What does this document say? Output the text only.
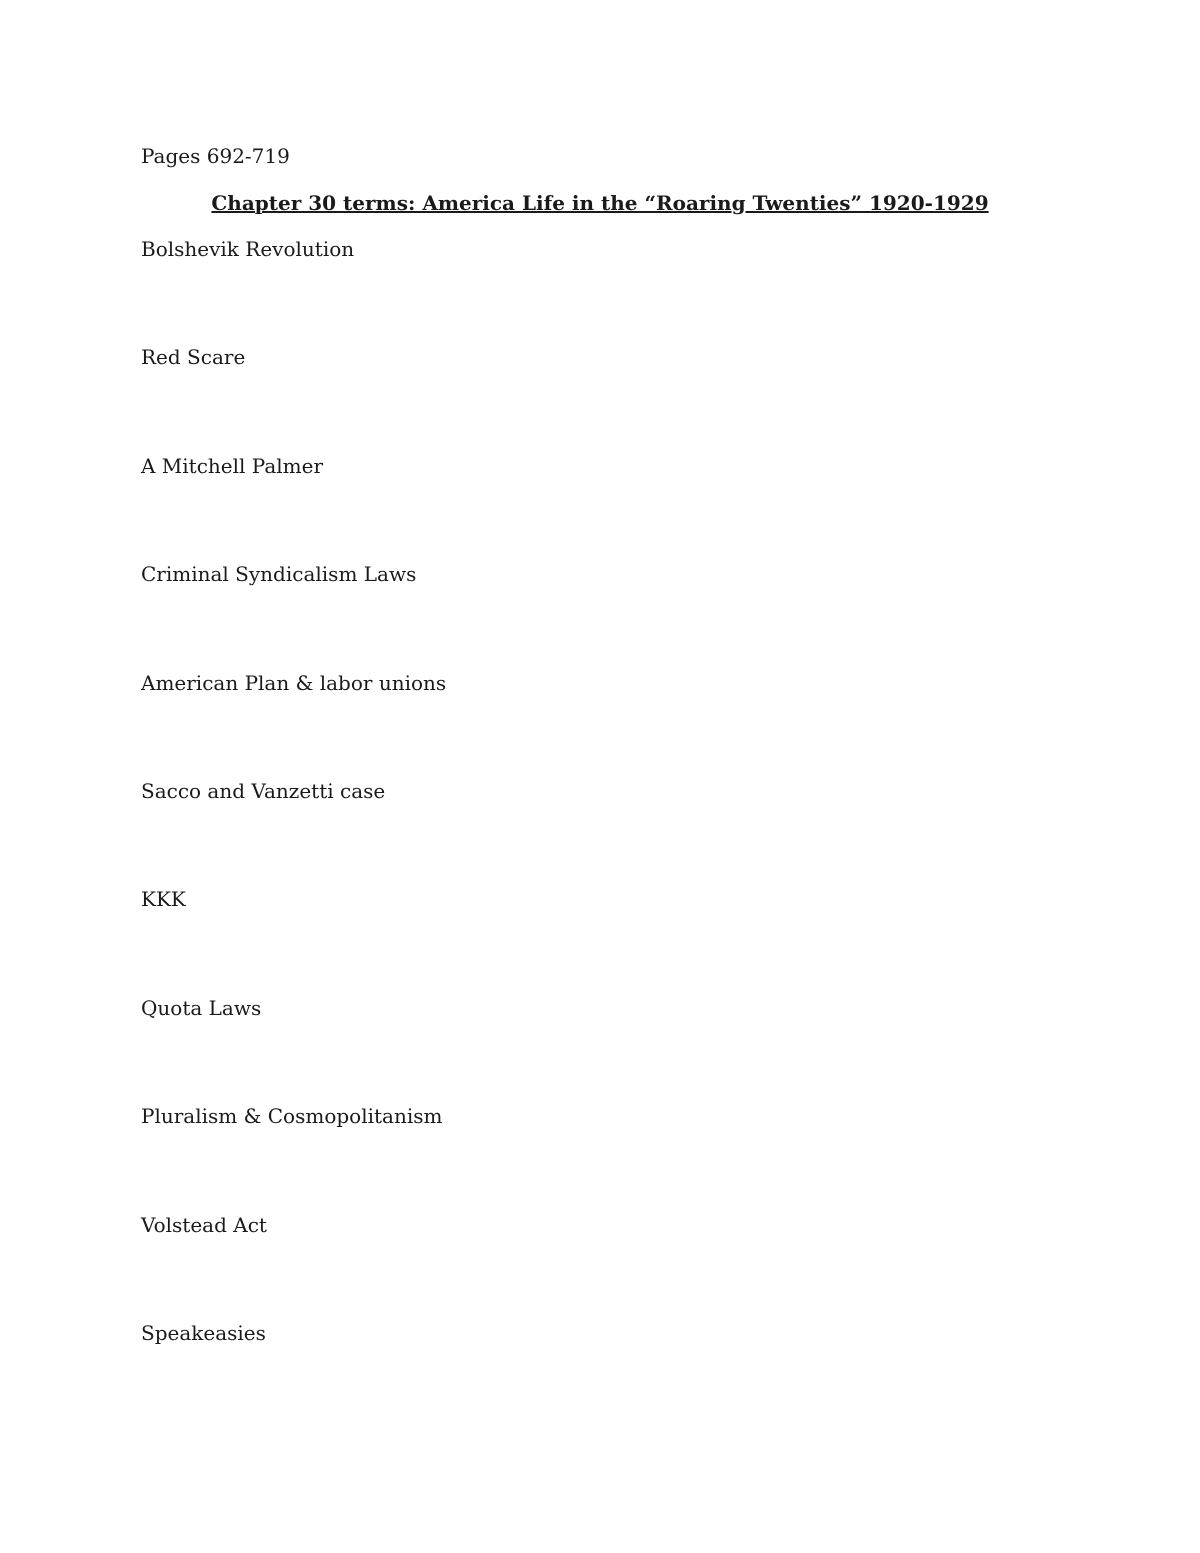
Pages 692-719
Chapter 30 terms: America Life in the “Roaring Twenties” 1920-1929
Bolshevik Revolution
Red Scare
A Mitchell Palmer
Criminal Syndicalism Laws
American Plan & labor unions
Sacco and Vanzetti case
KKK
Quota Laws
Pluralism & Cosmopolitanism
Volstead Act
Speakeasies
